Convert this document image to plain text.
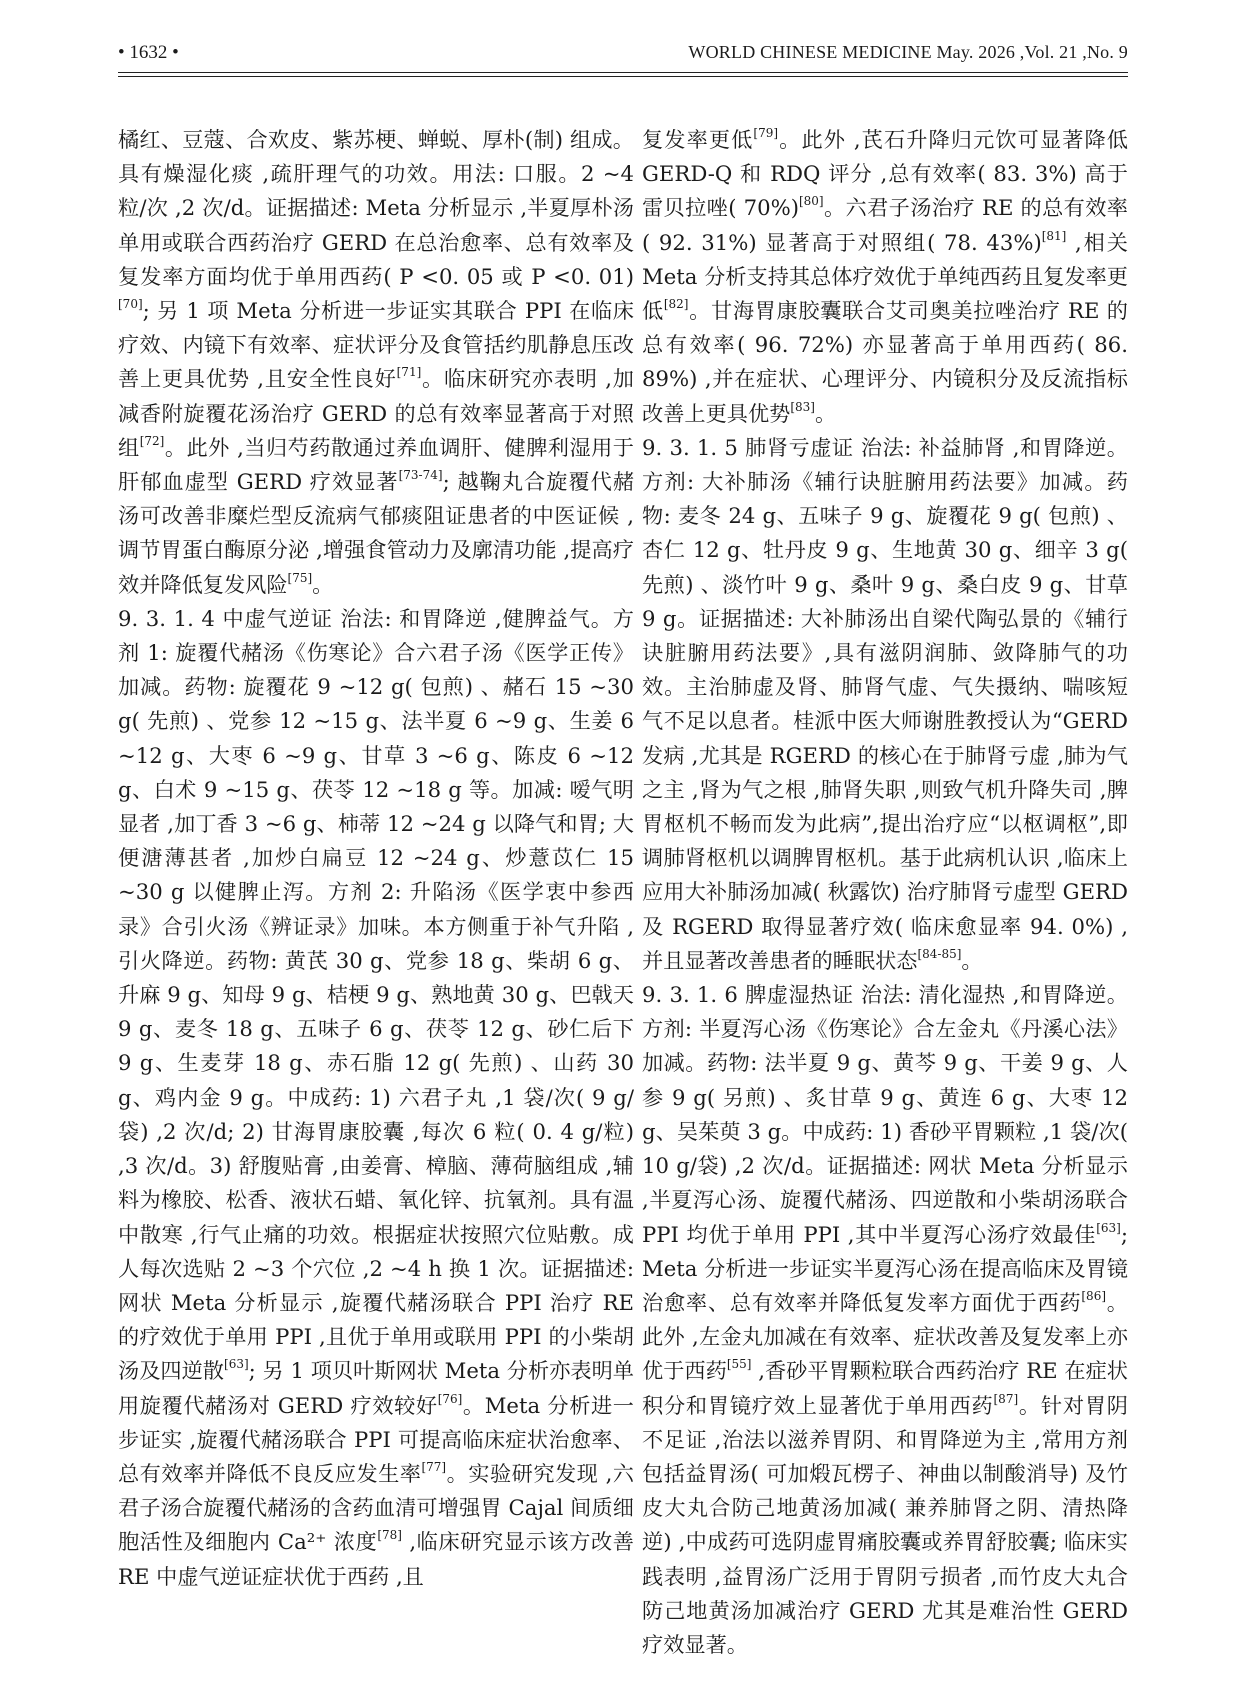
• 1632 •	WORLD CHINESE MEDICINE May. 2026 ,Vol. 21 ,No. 9

橘红、豆蔻、合欢皮、紫苏梗、蝉蜕、厚朴(制) 组成。具有燥湿化痰 ,疏肝理气的功效。用法: 口服。2 ~4 粒/次 ,2 次/d。证据描述: Meta 分析显示 ,半夏厚朴汤单用或联合西药治疗 GERD 在总治愈率、总有效率及复发率方面均优于单用西药( P <0. 05 或 P <0. 01) [70]; 另 1 项 Meta 分析进一步证实其联合 PPI 在临床疗效、内镜下有效率、症状评分及食管括约肌静息压改善上更具优势 ,且安全性良好[71]。临床研究亦表明 ,加减香附旋覆花汤治疗 GERD 的总有效率显著高于对照组[72]。此外 ,当归芍药散通过养血调肝、健脾利湿用于肝郁血虚型 GERD 疗效显著[73-74]; 越鞠丸合旋覆代赭汤可改善非糜烂型反流病气郁痰阻证患者的中医证候 ,调节胃蛋白酶原分泌 ,增强食管动力及廓清功能 ,提高疗效并降低复发风险[75]。

9. 3. 1. 4 中虚气逆证 治法: 和胃降逆 ,健脾益气。方剂 1: 旋覆代赭汤《伤寒论》合六君子汤《医学正传》加减。药物: 旋覆花 9 ~12 g( 包煎) 、赭石 15 ~30 g( 先煎) 、党参 12 ~15 g、法半夏 6 ~9 g、生姜 6 ~12 g、大枣 6 ~9 g、甘草 3 ~6 g、陈皮 6 ~12 g、白术 9 ~15 g、茯苓 12 ~18 g 等。加减: 嗳气明显者 ,加丁香 3 ~6 g、柿蒂 12 ~24 g 以降气和胃; 大便溏薄甚者 ,加炒白扁豆 12 ~24 g、炒薏苡仁 15 ~30 g 以健脾止泻。方剂 2: 升陷汤《医学衷中参西录》合引火汤《辨证录》加味。本方侧重于补气升陷 ,引火降逆。药物: 黄芪 30 g、党参 18 g、柴胡 6 g、升麻 9 g、知母 9 g、桔梗 9 g、熟地黄 30 g、巴戟天 9 g、麦冬 18 g、五味子 6 g、茯苓 12 g、砂仁后下 9 g、生麦芽 18 g、赤石脂 12 g( 先煎) 、山药 30 g、鸡内金 9 g。中成药: 1) 六君子丸 ,1 袋/次( 9 g/袋) ,2 次/d; 2) 甘海胃康胶囊 ,每次 6 粒( 0. 4 g/粒) ,3 次/d。3) 舒腹贴膏 ,由姜膏、樟脑、薄荷脑组成 ,辅料为橡胶、松香、液状石蜡、氧化锌、抗氧剂。具有温中散寒 ,行气止痛的功效。根据症状按照穴位贴敷。成人每次选贴 2 ~3 个穴位 ,2 ~4 h 换 1 次。证据描述: 网状 Meta 分析显示 ,旋覆代赭汤联合 PPI 治疗 RE 的疗效优于单用 PPI ,且优于单用或联用 PPI 的小柴胡汤及四逆散[63]; 另 1 项贝叶斯网状 Meta 分析亦表明单用旋覆代赭汤对 GERD 疗效较好[76]。Meta 分析进一步证实 ,旋覆代赭汤联合 PPI 可提高临床症状治愈率、总有效率并降低不良反应发生率[77]。实验研究发现 ,六君子汤合旋覆代赭汤的含药血清可增强胃 Cajal 间质细胞活性及细胞内 Ca²⁺ 浓度[78] ,临床研究显示该方改善 RE 中虚气逆证症状优于西药 ,且

复发率更低[79]。此外 ,芪石升降归元饮可显著降低 GERD-Q 和 RDQ 评分 ,总有效率( 83. 3%) 高于雷贝拉唑( 70%)[80]。六君子汤治疗 RE 的总有效率( 92. 31%) 显著高于对照组( 78. 43%)[81] ,相关 Meta 分析支持其总体疗效优于单纯西药且复发率更低[82]。甘海胃康胶囊联合艾司奥美拉唑治疗 RE 的总有效率( 96. 72%) 亦显著高于单用西药( 86. 89%) ,并在症状、心理评分、内镜积分及反流指标改善上更具优势[83]。

9. 3. 1. 5 肺肾亏虚证 治法: 补益肺肾 ,和胃降逆。方剂: 大补肺汤《辅行诀脏腑用药法要》加减。药物: 麦冬 24 g、五味子 9 g、旋覆花 9 g( 包煎) 、杏仁 12 g、牡丹皮 9 g、生地黄 30 g、细辛 3 g( 先煎) 、淡竹叶 9 g、桑叶 9 g、桑白皮 9 g、甘草 9 g。证据描述: 大补肺汤出自梁代陶弘景的《辅行诀脏腑用药法要》,具有滋阴润肺、敛降肺气的功效。主治肺虚及肾、肺肾气虚、气失摄纳、喘咳短气不足以息者。桂派中医大师谢胜教授认为“GERD 发病 ,尤其是 RGERD 的核心在于肺肾亏虚 ,肺为气之主 ,肾为气之根 ,肺肾失职 ,则致气机升降失司 ,脾胃枢机不畅而发为此病”,提出治疗应“以枢调枢”,即调肺肾枢机以调脾胃枢机。基于此病机认识 ,临床上应用大补肺汤加减( 秋露饮) 治疗肺肾亏虚型 GERD 及 RGERD 取得显著疗效( 临床愈显率 94. 0%) ,并且显著改善患者的睡眠状态[84-85]。

9. 3. 1. 6 脾虚湿热证 治法: 清化湿热 ,和胃降逆。方剂: 半夏泻心汤《伤寒论》合左金丸《丹溪心法》加减。药物: 法半夏 9 g、黄芩 9 g、干姜 9 g、人参 9 g( 另煎) 、炙甘草 9 g、黄连 6 g、大枣 12 g、吴茱萸 3 g。中成药: 1) 香砂平胃颗粒 ,1 袋/次( 10 g/袋) ,2 次/d。证据描述: 网状 Meta 分析显示 ,半夏泻心汤、旋覆代赭汤、四逆散和小柴胡汤联合 PPI 均优于单用 PPI ,其中半夏泻心汤疗效最佳[63]; Meta 分析进一步证实半夏泻心汤在提高临床及胃镜治愈率、总有效率并降低复发率方面优于西药[86]。此外 ,左金丸加减在有效率、症状改善及复发率上亦优于西药[55] ,香砂平胃颗粒联合西药治疗 RE 在症状积分和胃镜疗效上显著优于单用西药[87]。针对胃阴不足证 ,治法以滋养胃阴、和胃降逆为主 ,常用方剂包括益胃汤( 可加煅瓦楞子、神曲以制酸消导) 及竹皮大丸合防己地黄汤加减( 兼养肺肾之阴、清热降逆) ,中成药可选阴虚胃痛胶囊或养胃舒胶囊; 临床实践表明 ,益胃汤广泛用于胃阴亏损者 ,而竹皮大丸合防己地黄汤加减治疗 GERD 尤其是难治性 GERD 疗效显著。
